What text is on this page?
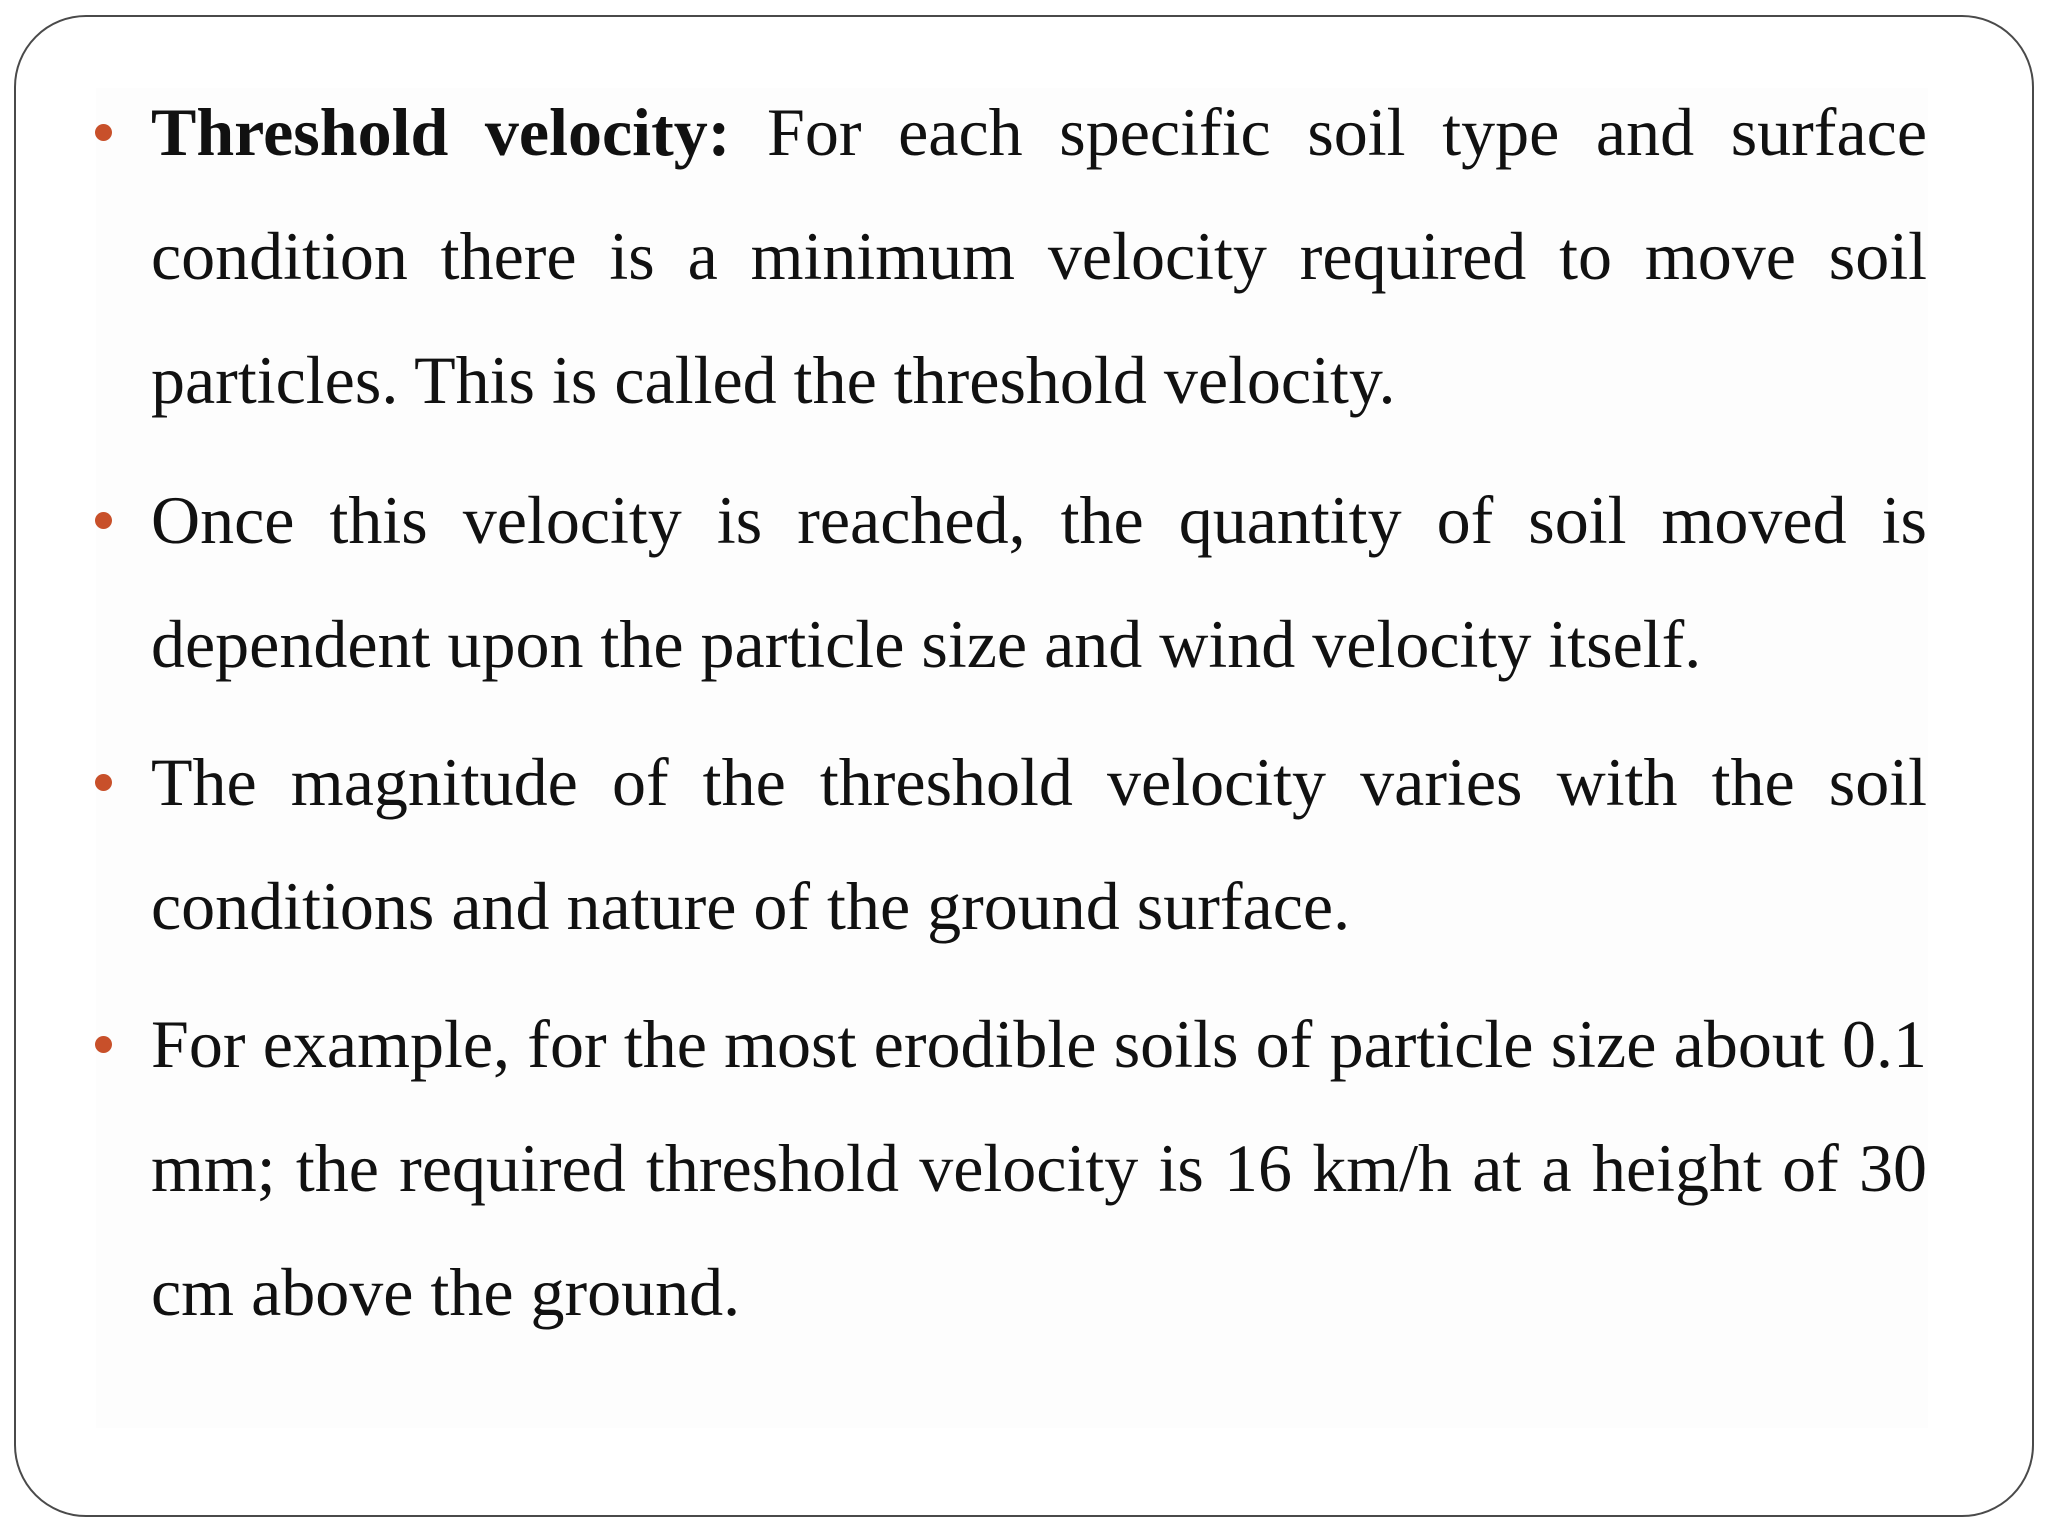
Threshold velocity: For each specific soil type and surface condition there is a minimum velocity required to move soil particles. This is called the threshold velocity.
Once this velocity is reached, the quantity of soil moved is dependent upon the particle size and wind velocity itself.
The magnitude of the threshold velocity varies with the soil conditions and nature of the ground surface.
For example, for the most erodible soils of particle size about 0.1 mm; the required threshold velocity is 16 km/h at a height of 30 cm above the ground.
